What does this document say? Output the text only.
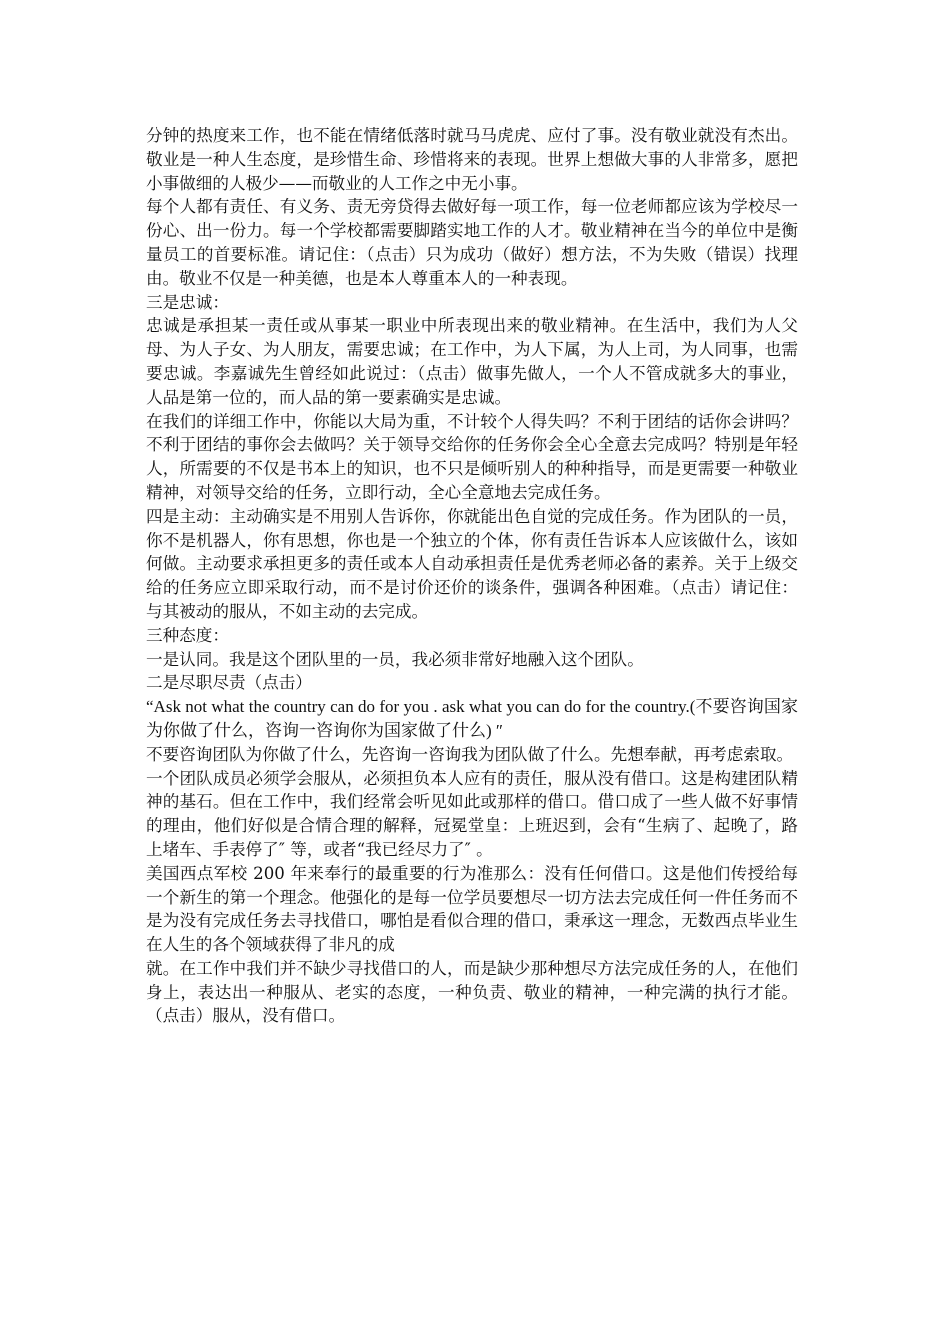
分钟的热度来工作，也不能在情绪低落时就马马虎虎、应付了事。没有敬业就没有杰出。敬业是一种人生态度，是珍惜生命、珍惜将来的表现。世界上想做大事的人非常多，愿把小事做细的人极少——而敬业的人工作之中无小事。

每个人都有责任、有义务、责无旁贷得去做好每一项工作，每一位老师都应该为学校尽一份心、出一份力。每一个学校都需要脚踏实地工作的人才。敬业精神在当今的单位中是衡量员工的首要标准。请记住：（点击）只为成功（做好）想方法，不为失败（错误）找理由。敬业不仅是一种美德，也是本人尊重本人的一种表现。

三是忠诚：

忠诚是承担某一责任或从事某一职业中所表现出来的敬业精神。在生活中，我们为人父母、为人子女、为人朋友，需要忠诚；在工作中，为人下属，为人上司，为人同事，也需要忠诚。李嘉诚先生曾经如此说过：（点击）做事先做人，一个人不管成就多大的事业，人品是第一位的，而人品的第一要素确实是忠诚。

在我们的详细工作中，你能以大局为重，不计较个人得失吗？不利于团结的话你会讲吗？不利于团结的事你会去做吗？关于领导交给你的任务你会全心全意去完成吗？特别是年轻人，所需要的不仅是书本上的知识，也不只是倾听别人的种种指导，而是更需要一种敬业精神，对领导交给的任务，立即行动，全心全意地去完成任务。

四是主动：主动确实是不用别人告诉你，你就能出色自觉的完成任务。作为团队的一员，你不是机器人，你有思想，你也是一个独立的个体，你有责任告诉本人应该做什么，该如何做。主动要求承担更多的责任或本人自动承担责任是优秀老师必备的素养。关于上级交给的任务应立即采取行动，而不是讨价还价的谈条件，强调各种困难。（点击）请记住：与其被动的服从，不如主动的去完成。

三种态度：

一是认同。我是这个团队里的一员，我必须非常好地融入这个团队。

二是尽职尽责（点击）

“Ask not what the country can do for you . ask what you can do for the country.(不要咨询国家为你做了什么，咨询一咨询你为国家做了什么) ″

不要咨询团队为你做了什么，先咨询一咨询我为团队做了什么。先想奉献，再考虑索取。

一个团队成员必须学会服从，必须担负本人应有的责任，服从没有借口。这是构建团队精神的基石。但在工作中，我们经常会听见如此或那样的借口。借口成了一些人做不好事情的理由，他们好似是合情合理的解释，冠冕堂皇：上班迟到，会有“生病了、起晚了，路上堵车、手表停了″ 等，或者“我已经尽力了″ 。

美国西点军校 200 年来奉行的最重要的行为准那么：没有任何借口。这是他们传授给每一个新生的第一个理念。他强化的是每一位学员要想尽一切方法去完成任何一件任务而不是为没有完成任务去寻找借口，哪怕是看似合理的借口，秉承这一理念，无数西点毕业生在人生的各个领域获得了非凡的成

就。在工作中我们并不缺少寻找借口的人，而是缺少那种想尽方法完成任务的人，在他们身上，表达出一种服从、老实的态度，一种负责、敬业的精神，一种完满的执行才能。（点击）服从，没有借口。
